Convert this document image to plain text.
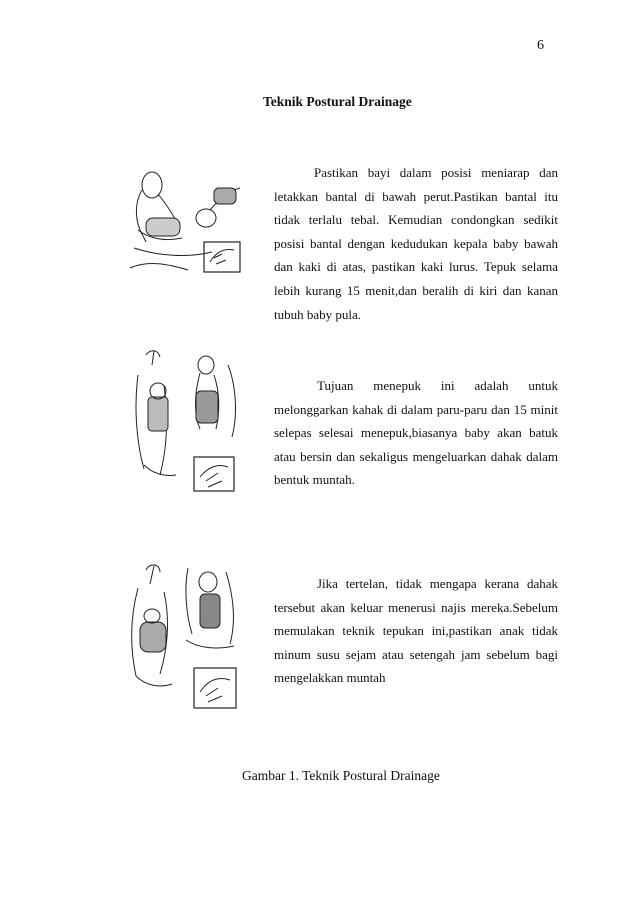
6
Teknik Postural Drainage
Pastikan bayi dalam posisi meniarap dan letakkan bantal di bawah perut.Pastikan bantal itu tidak terlalu tebal. Kemudian condongkan sedikit posisi bantal dengan kedudukan kepala baby bawah dan kaki di atas, pastikan kaki lurus. Tepuk selama lebih kurang 15 menit,dan beralih di kiri dan kanan tubuh baby pula.
Tujuan menepuk ini adalah untuk melonggarkan kahak di dalam paru-paru dan 15 minit selepas selesai menepuk,biasanya baby akan batuk atau bersin dan sekaligus mengeluarkan dahak dalam bentuk muntah.
Jika tertelan, tidak mengapa kerana dahak tersebut akan keluar menerusi najis mereka.Sebelum memulakan teknik tepukan ini,pastikan anak tidak minum susu sejam atau setengah jam sebelum bagi mengelakkan muntah
Gambar 1. Teknik Postural Drainage
